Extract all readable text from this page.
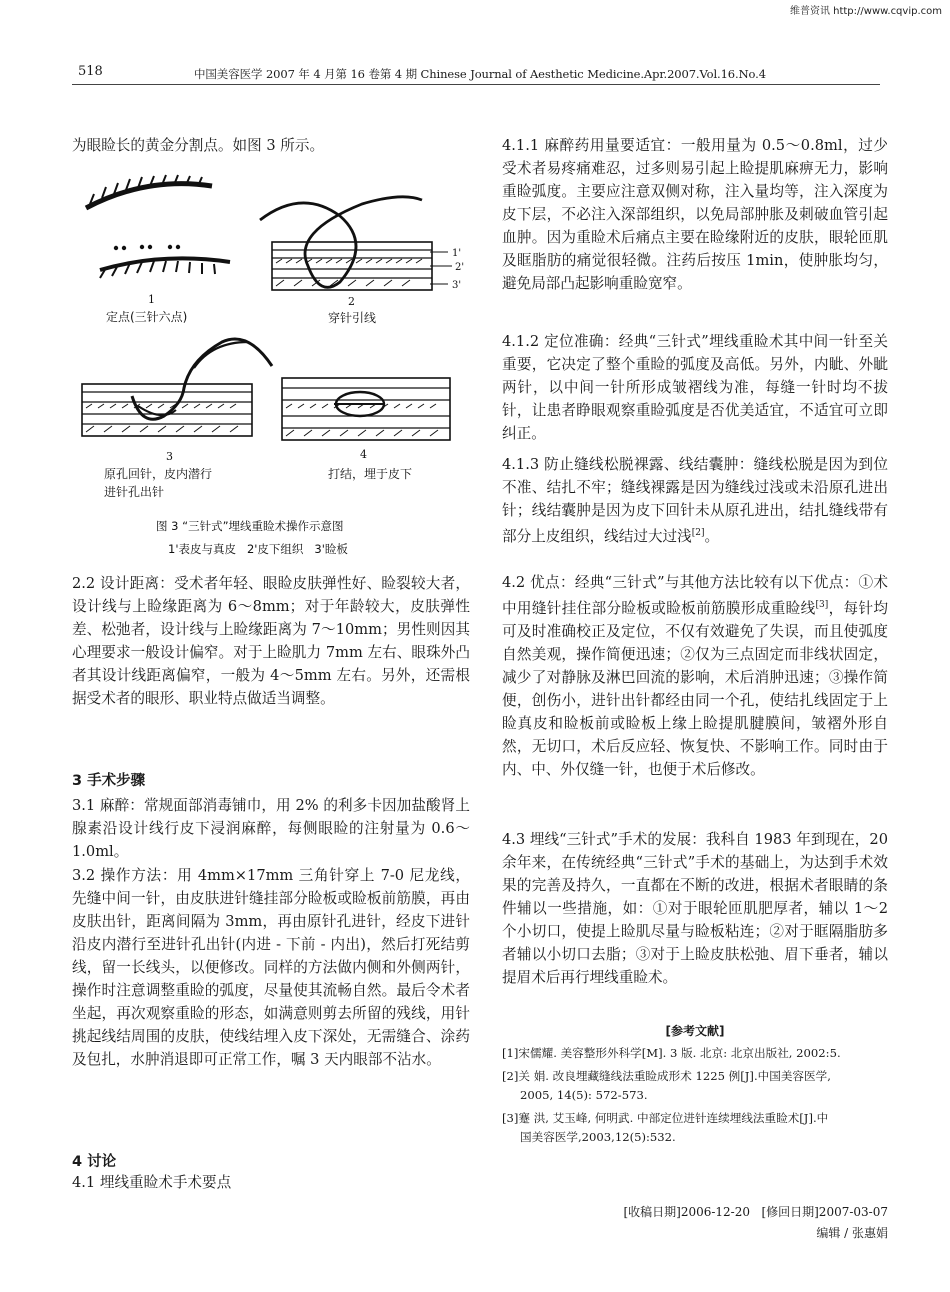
维普资讯 http://www.cqvip.com
518	中国美容医学 2007 年 4 月第 16 卷第 4 期 Chinese Journal of Aesthetic Medicine.Apr.2007.Vol.16.No.4

为眼睑长的黄金分割点。如图 3 所示。

1
定点(三针六点)
1'
2'
3'
2
穿针引线
3
原孔回针，皮内潜行
进针孔出针
4
打结，埋于皮下
图 3 “三针式”埋线重睑术操作示意图
1'表皮与真皮   2'皮下组织   3'睑板

2.2 设计距离：受术者年轻、眼睑皮肤弹性好、睑裂较大者，设计线与上睑缘距离为 6～8mm；对于年龄较大，皮肤弹性差、松弛者，设计线与上睑缘距离为 7～10mm；男性则因其心理要求一般设计偏窄。对于上睑肌力 7mm 左右、眼珠外凸者其设计线距离偏窄，一般为 4～5mm 左右。另外，还需根据受术者的眼形、职业特点做适当调整。

3 手术步骤

3.1 麻醉：常规面部消毒铺巾，用 2% 的利多卡因加盐酸肾上腺素沿设计线行皮下浸润麻醉，每侧眼睑的注射量为 0.6～1.0ml。

3.2 操作方法：用 4mm×17mm 三角针穿上 7-0 尼龙线，先缝中间一针，由皮肤进针缝挂部分睑板或睑板前筋膜，再由皮肤出针，距离间隔为 3mm，再由原针孔进针，经皮下进针沿皮内潜行至进针孔出针(内进 - 下前 - 内出)，然后打死结剪线，留一长线头，以便修改。同样的方法做内侧和外侧两针，操作时注意调整重睑的弧度，尽量使其流畅自然。最后令术者坐起，再次观察重睑的形态，如满意则剪去所留的残线，用针挑起线结周围的皮肤，使线结埋入皮下深处，无需缝合、涂药及包扎，水肿消退即可正常工作，嘱 3 天内眼部不沾水。

4 讨论

4.1 埋线重睑术手术要点

4.1.1 麻醉药用量要适宜：一般用量为 0.5～0.8ml，过少受术者易疼痛难忍，过多则易引起上睑提肌麻痹无力，影响重睑弧度。主要应注意双侧对称，注入量均等，注入深度为皮下层，不必注入深部组织，以免局部肿胀及刺破血管引起血肿。因为重睑术后痛点主要在睑缘附近的皮肤，眼轮匝肌及眶脂肪的痛觉很轻微。注药后按压 1min，使肿胀均匀，避免局部凸起影响重睑宽窄。

4.1.2 定位准确：经典“三针式”埋线重睑术其中间一针至关重要，它决定了整个重睑的弧度及高低。另外，内眦、外眦两针，以中间一针所形成皱褶线为准，每缝一针时均不拔针，让患者睁眼观察重睑弧度是否优美适宜，不适宜可立即纠正。

4.1.3 防止缝线松脱裸露、线结囊肿：缝线松脱是因为到位不准、结扎不牢；缝线裸露是因为缝线过浅或未沿原孔进出针；线结囊肿是因为皮下回针未从原孔进出，结扎缝线带有部分上皮组织，线结过大过浅[2]。

4.2 优点：经典“三针式”与其他方法比较有以下优点：①术中用缝针挂住部分睑板或睑板前筋膜形成重睑线[3]，每针均可及时准确校正及定位，不仅有效避免了失误，而且使弧度自然美观，操作简便迅速；②仅为三点固定而非线状固定，减少了对静脉及淋巴回流的影响，术后消肿迅速；③操作简便，创伤小，进针出针都经由同一个孔，使结扎线固定于上睑真皮和睑板前或睑板上缘上睑提肌腱膜间，皱褶外形自然，无切口，术后反应轻、恢复快、不影响工作。同时由于内、中、外仅缝一针，也便于术后修改。

4.3 埋线“三针式”手术的发展：我科自 1983 年到现在，20 余年来，在传统经典“三针式”手术的基础上，为达到手术效果的完善及持久，一直都在不断的改进，根据术者眼睛的条件辅以一些措施，如：①对于眼轮匝肌肥厚者，辅以 1～2 个小切口，使提上睑肌尽量与睑板粘连；②对于眶隔脂肪多者辅以小切口去脂；③对于上睑皮肤松弛、眉下垂者，辅以提眉术后再行埋线重睑术。

[参考文献]
[1]宋儒耀. 美容整形外科学[M]. 3 版. 北京: 北京出版社, 2002:5.
[2]关 娟. 改良埋藏缝线法重睑成形术 1225 例[J].中国美容医学,
2005, 14(5): 572-573.
[3]蹇 洪, 艾玉峰, 何明武. 中部定位进针连续埋线法重睑术[J].中
国美容医学,2003,12(5):532.
[收稿日期]2006-12-20   [修回日期]2007-03-07
编辑 / 张惠娟
